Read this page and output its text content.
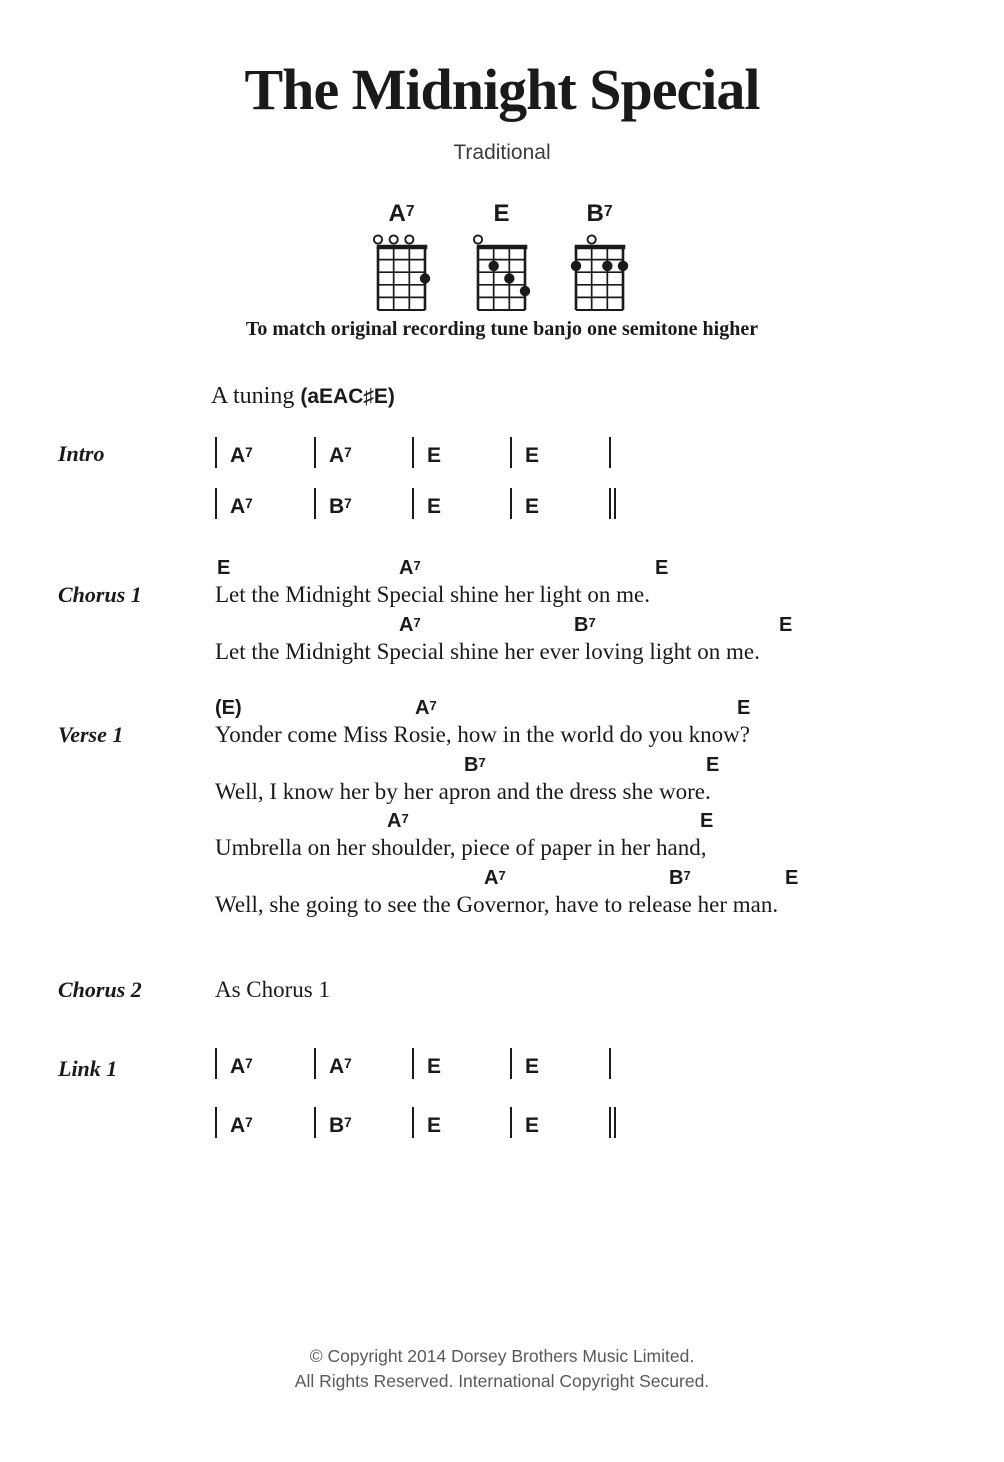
The Midnight Special
Traditional
$A^7$	E	$B^7$
To match original recording tune banjo one semitone higher
A tuning (aEAC♯E)
Intro	$A^7$	$A^7$	E	E
$A^7$	$B^7$	E	E
Chorus 1
E	$A^7$	E
Let the Midnight Special shine her light on me.
$A^7$	$B^7$	E
Let the Midnight Special shine her ever loving light on me.
Verse 1
(E)	$A^7$	E
Yonder come Miss Rosie, how in the world do you know?
$B^7$	E
Well, I know her by her apron and the dress she wore.
$A^7$	E
Umbrella on her shoulder, piece of paper in her hand,
$A^7$	$B^7$	E
Well, she going to see the Governor, have to release her man.
Chorus 2	As Chorus 1
Link 1	$A^7$	$A^7$	E	E
$A^7$	$B^7$	E	E
© Copyright 2014 Dorsey Brothers Music Limited.
All Rights Reserved. International Copyright Secured.
